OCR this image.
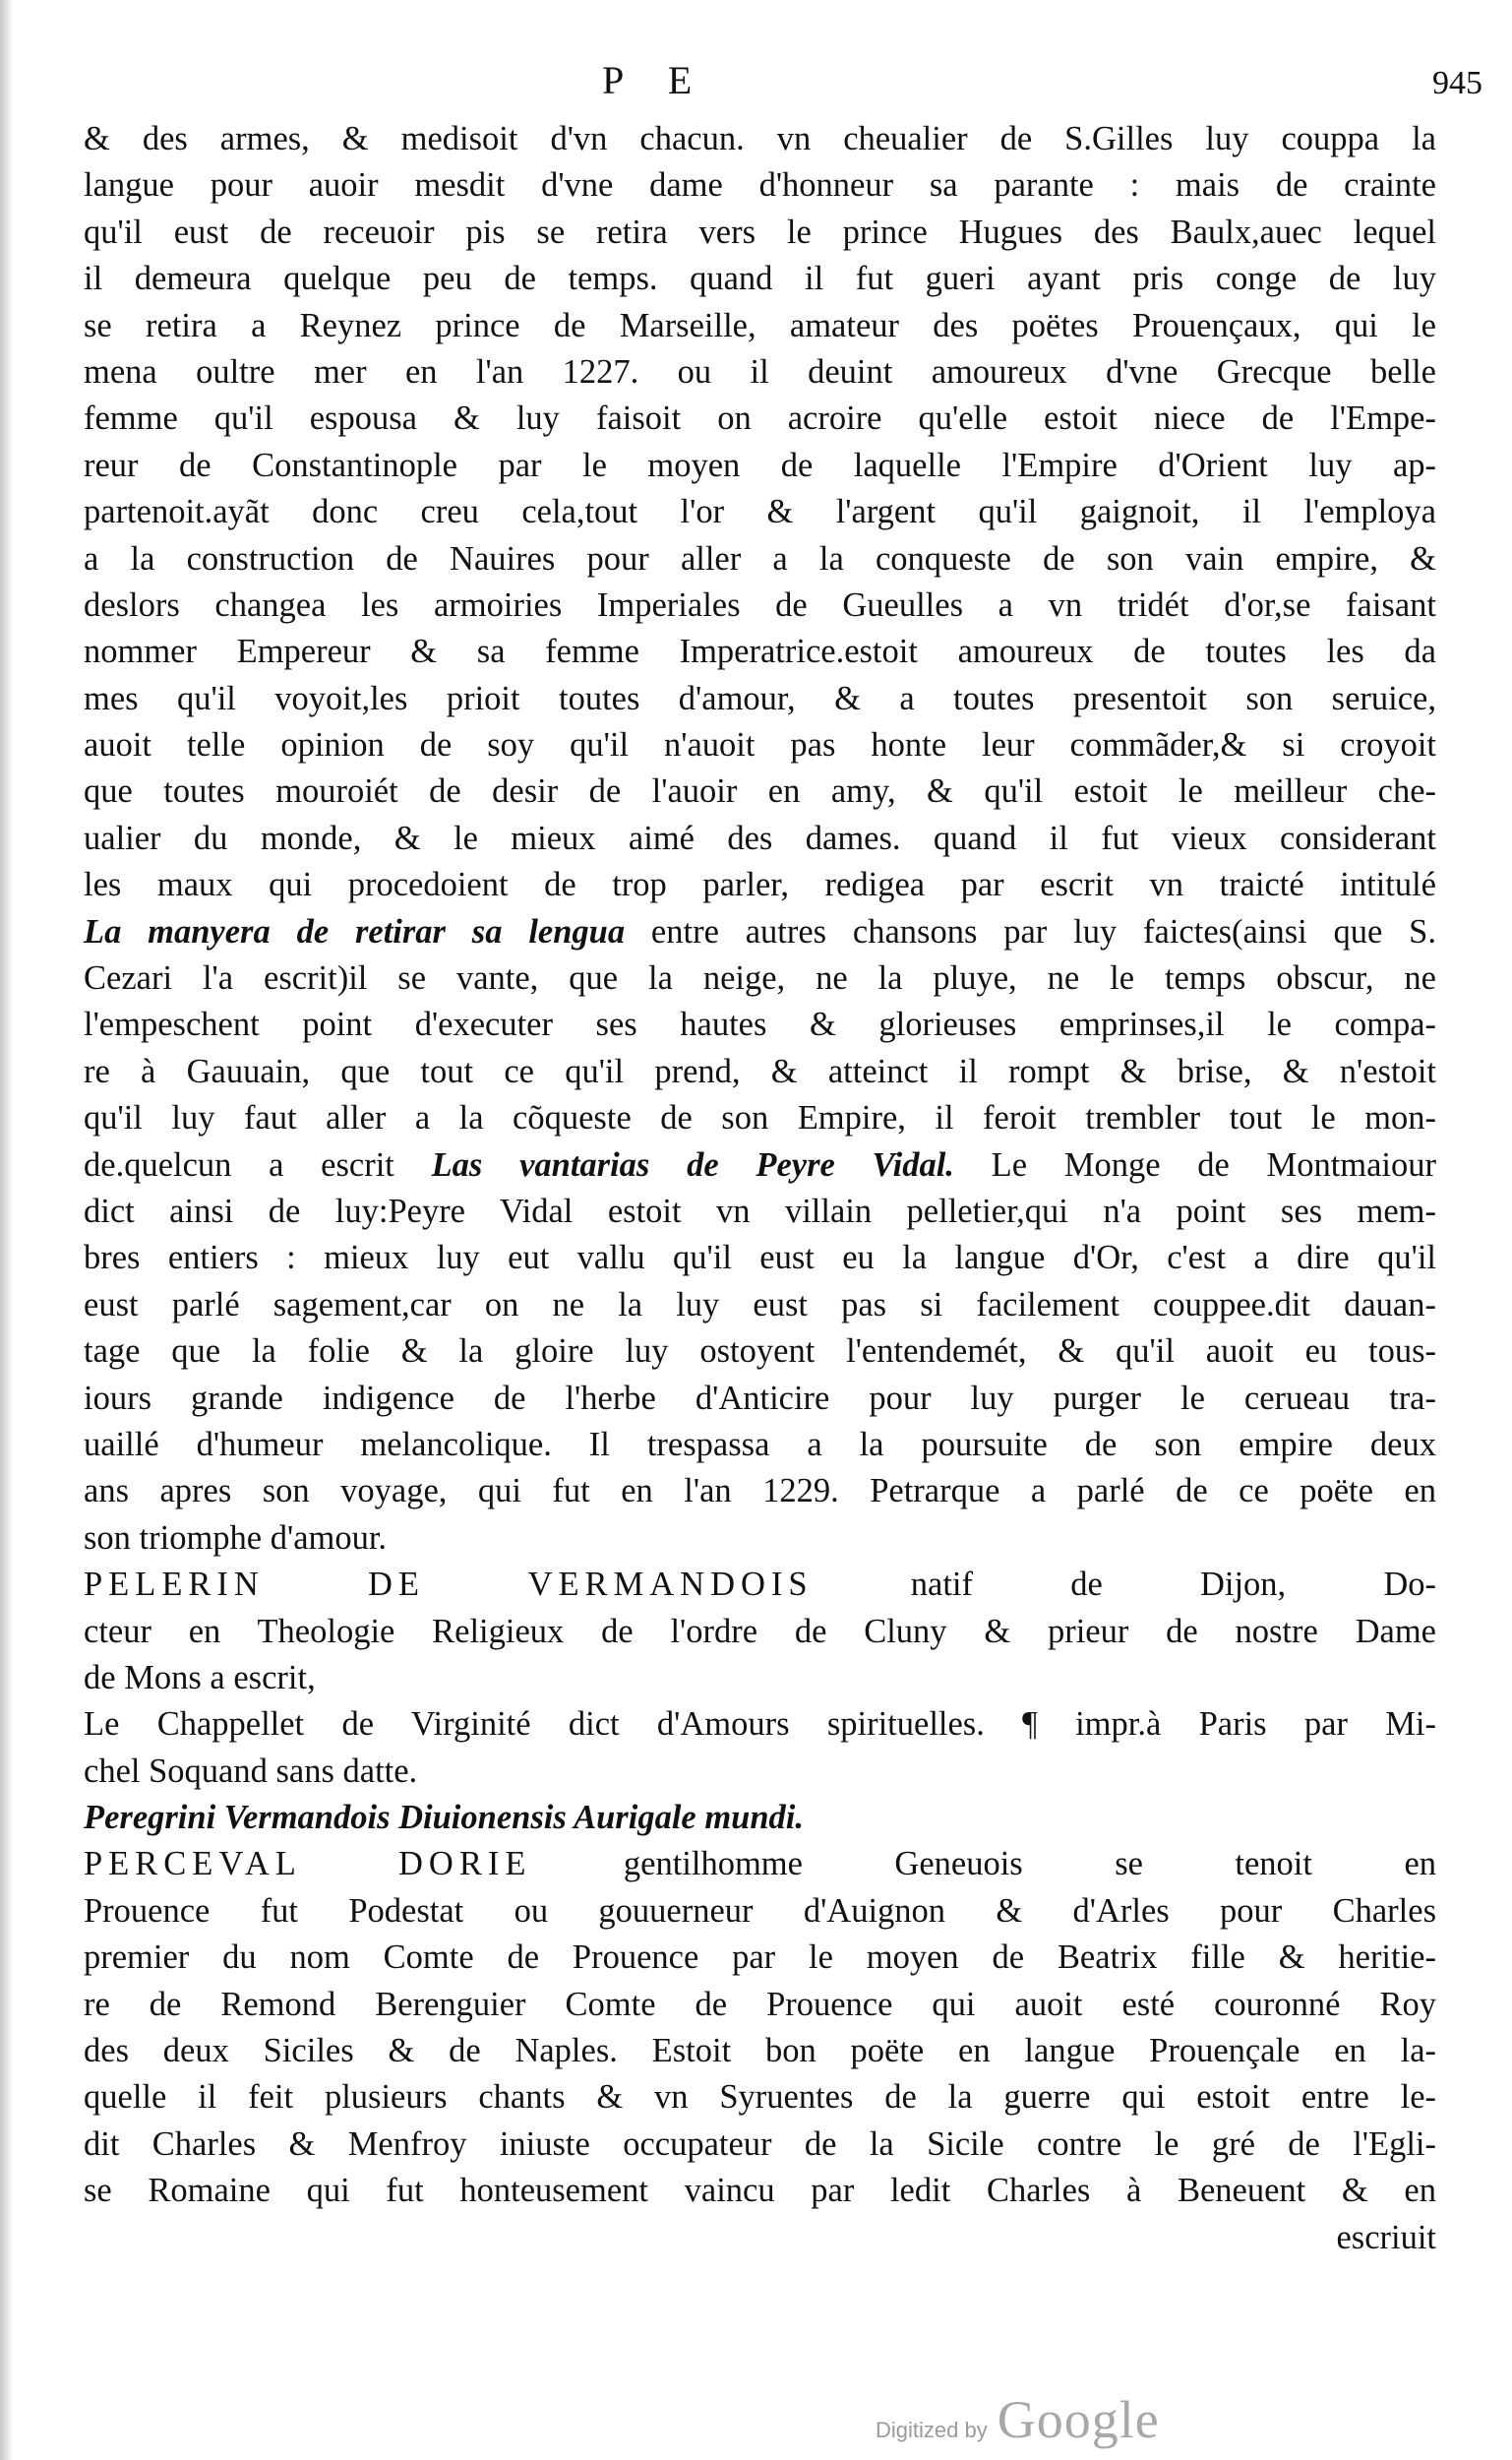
P E	945
& des armes, & medisoit d'vn chacun. vn cheualier de S.Gilles luy couppa la
langue pour auoir mesdit d'vne dame d'honneur sa parante : mais de crainte
qu'il eust de receuoir pis se retira vers le prince Hugues des Baulx,auec lequel
il demeura quelque peu de temps. quand il fut gueri ayant pris conge de luy
se retira a Reynez prince de Marseille, amateur des poëtes Prouençaux, qui le
mena oultre mer en l'an 1227. ou il deuint amoureux d'vne Grecque belle
femme qu'il espousa & luy faisoit on acroire qu'elle estoit niece de l'Empe-
reur de Constantinople par le moyen de laquelle l'Empire d'Orient luy ap-
partenoit.ayãt donc creu cela,tout l'or & l'argent qu'il gaignoit, il l'employa
a la construction de Nauires pour aller a la conqueste de son vain empire, &
deslors changea les armoiries Imperiales de Gueulles a vn tridét d'or,se faisant
nommer Empereur & sa femme Imperatrice.estoit amoureux de toutes les da
mes qu'il voyoit,les prioit toutes d'amour, & a toutes presentoit son seruice,
auoit telle opinion de soy qu'il n'auoit pas honte leur commãder,& si croyoit
que toutes mouroiét de desir de l'auoir en amy, & qu'il estoit le meilleur che-
ualier du monde, & le mieux aimé des dames. quand il fut vieux considerant
les maux qui procedoient de trop parler, redigea par escrit vn traicté intitulé
La manyera de retirar sa lengua entre autres chansons par luy faictes(ainsi que S.
Cezari l'a escrit)il se vante, que la neige, ne la pluye, ne le temps obscur, ne
l'empeschent point d'executer ses hautes & glorieuses emprinses,il le compa-
re à Gauuain, que tout ce qu'il prend, & atteinct il rompt & brise, & n'estoit
qu'il luy faut aller a la cõqueste de son Empire, il feroit trembler tout le mon-
de.quelcun a escrit Las vantarias de Peyre Vidal. Le Monge de Montmaiour
dict ainsi de luy:Peyre Vidal estoit vn villain pelletier,qui n'a point ses mem-
bres entiers : mieux luy eut vallu qu'il eust eu la langue d'Or, c'est a dire qu'il
eust parlé sagement,car on ne la luy eust pas si facilement couppee.dit dauan-
tage que la folie & la gloire luy ostoyent l'entendemét, & qu'il auoit eu tous-
iours grande indigence de l'herbe d'Anticire pour luy purger le cerueau tra-
uaillé d'humeur melancolique. Il trespassa a la poursuite de son empire deux
ans apres son voyage, qui fut en l'an 1229. Petrarque a parlé de ce poëte en
son triomphe d'amour.
PELERIN DE VERMANDOIS natif de Dijon, Do-
cteur en Theologie Religieux de l'ordre de Cluny & prieur de nostre Dame
de Mons a escrit,
Le Chappellet de Virginité dict d'Amours spirituelles. ¶ impr.à Paris par Mi-
chel Soquand sans datte.
Peregrini Vermandois Diuionensis Aurigale mundi.
PERCEVAL DORIE gentilhomme Geneuois se tenoit en
Prouence fut Podestat ou gouuerneur d'Auignon & d'Arles pour Charles
premier du nom Comte de Prouence par le moyen de Beatrix fille & heritie-
re de Remond Berenguier Comte de Prouence qui auoit esté couronné Roy
des deux Siciles & de Naples. Estoit bon poëte en langue Prouençale en la-
quelle il feit plusieurs chants & vn Syruentes de la guerre qui estoit entre le-
dit Charles & Menfroy iniuste occupateur de la Sicile contre le gré de l'Egli-
se Romaine qui fut honteusement vaincu par ledit Charles à Beneuent & en
escriuit
Digitized by Google
